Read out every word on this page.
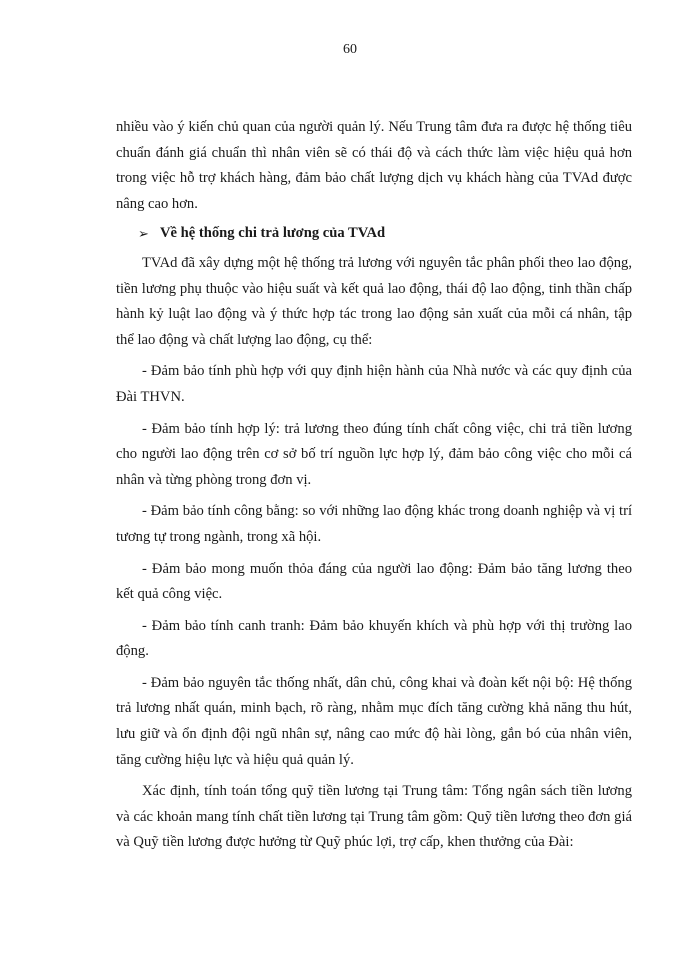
60

nhiều vào ý kiến chủ quan của người quản lý. Nếu Trung tâm đưa ra được hệ thống tiêu chuẩn đánh giá chuẩn thì nhân viên sẽ có thái độ và cách thức làm việc hiệu quả hơn trong việc hỗ trợ khách hàng, đảm bảo chất lượng dịch vụ khách hàng của TVAd được nâng cao hơn.

➢ Về hệ thống chi trả lương của TVAd

TVAd đã xây dựng một hệ thống trả lương với nguyên tắc phân phối theo lao động, tiền lương phụ thuộc vào hiệu suất và kết quả lao động, thái độ lao động, tinh thần chấp hành kỷ luật lao động và ý thức hợp tác trong lao động sản xuất của mỗi cá nhân, tập thể lao động và chất lượng lao động, cụ thể:

- Đảm bảo tính phù hợp với quy định hiện hành của Nhà nước và các quy định của Đài THVN.

- Đảm bảo tính hợp lý: trả lương theo đúng tính chất công việc, chi trả tiền lương cho người lao động trên cơ sở bố trí nguồn lực hợp lý, đảm bảo công việc cho mỗi cá nhân và từng phòng trong đơn vị.

- Đảm bảo tính công bằng: so với những lao động khác trong doanh nghiệp và vị trí tương tự trong ngành, trong xã hội.

- Đảm bảo mong muốn thỏa đáng của người lao động: Đảm bảo tăng lương theo kết quả công việc.

- Đảm bảo tính canh tranh: Đảm bảo khuyến khích và phù hợp với thị trường lao động.

- Đảm bảo nguyên tắc thống nhất, dân chủ, công khai và đoàn kết nội bộ: Hệ thống trả lương nhất quán, minh bạch, rõ ràng, nhằm mục đích tăng cường khả năng thu hút, lưu giữ và ổn định đội ngũ nhân sự, nâng cao mức độ hài lòng, gắn bó của nhân viên, tăng cường hiệu lực và hiệu quả quản lý.

Xác định, tính toán tổng quỹ tiền lương tại Trung tâm: Tổng ngân sách tiền lương và các khoản mang tính chất tiền lương tại Trung tâm gồm: Quỹ tiền lương theo đơn giá và Quỹ tiền lương được hưởng từ Quỹ phúc lợi, trợ cấp, khen thưởng của Đài:
